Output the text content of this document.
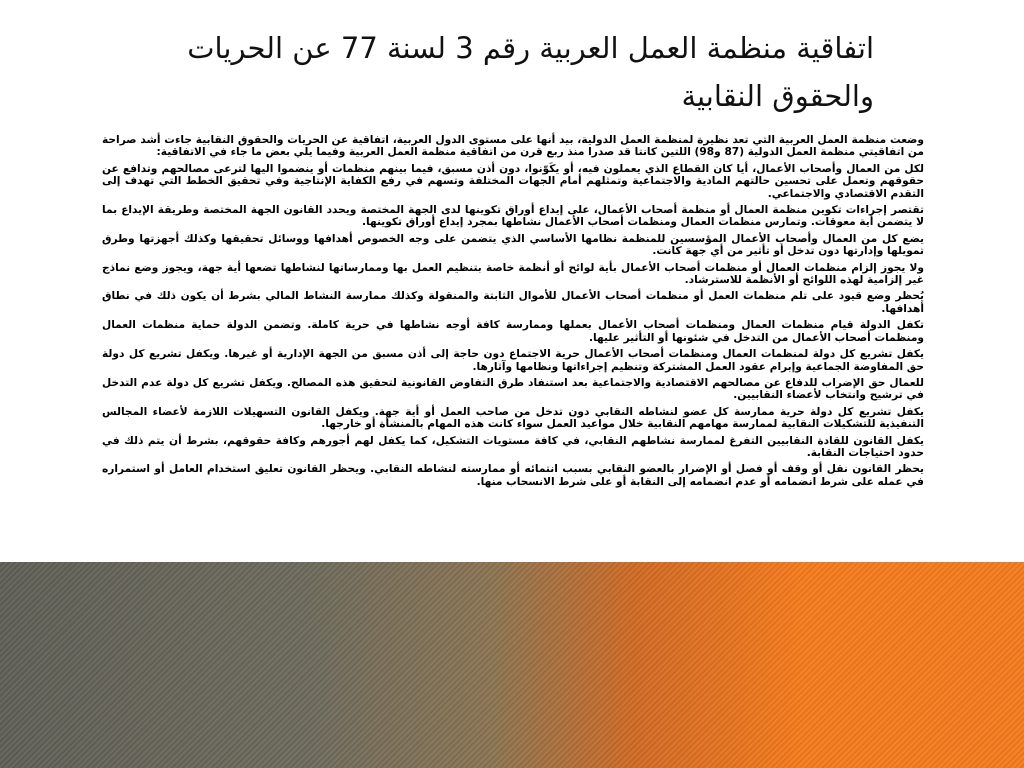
اتفاقية منظمة العمل العربية رقم 3 لسنة 77 عن الحريات والحقوق النقابية

وضعت منظمة العمل العربية التي تعد نظيرة لمنظمة العمل الدولية، بيد أنها على مستوى الدول العربية، اتفاقية عن الحريات والحقوق النقابية جاءت أشد صراحة من اتفاقيتي منظمة العمل الدولية (87 و98) اللتين كانتا قد صدرا منذ ربع قرن من اتفاقية منظمة العمل العربية وفيما يلي بعض ما جاء في الاتفاقية:

لكل من العمال وأصحاب الأعمال، أيا كان القطاع الذي يعملون فيه، أو يكَوّنوا، دون أذن مسبق، فيما بينهم منظمات أو ينضموا اليها لترعى مصالحهم وتدافع عن حقوقهم وتعمل على تحسين حالتهم المادية والاجتماعية وتمثلهم أمام الجهات المختلفة وتسهم في رفع الكفاية الإنتاجية وفي تحقيق الخطط التي تهدف إلى التقدم الاقتصادي والاجتماعي.

تقتصر إجراءات تكوين منظمة العمال أو منظمة أصحاب الأعمال، على إيداع أوراق تكوينها لدى الجهة المختصة ويحدد القانون الجهة المختصة وطريقة الإيداع بما لا يتضمن أية معوقات. وتمارس منظمات العمال ومنظمات أصحاب الأعمال نشاطها بمجرد إيداع أوراق تكوينها.

يضع كل من العمال وأصحاب الأعمال المؤسسين للمنظمة نظامها الأساسي الذي يتضمن على وجه الخصوص أهدافها ووسائل تحقيقها وكذلك أجهزتها وطرق تمويلها وإدارتها دون تدخل أو تأثير من أي جهة كانت.

ولا يجوز إلزام منظمات العمال أو منظمات أصحاب الأعمال بأية لوائح أو أنظمة خاصة بتنظيم العمل بها وممارساتها لنشاطها تضعها أية جهة، ويجوز وضع نماذج غير إلزامية لهذه اللوائح أو الأنظمة للاسترشاد.

يُحظر وضع قيود على تلم منظمات العمل أو منظمات أصحاب الأعمال للأموال الثابتة والمنقولة وكذلك ممارسة النشاط المالي بشرط أن يكون ذلك في نطاق أهدافها.

تكفل الدولة قيام منظمات العمال ومنظمات أصحاب الأعمال بعملها وممارسة كافة أوجه نشاطها في حرية كاملة. وتضمن الدولة حماية منظمات العمال ومنظمات أصحاب الأعمال من التدخل في شئونها أو التأثير عليها.

يكفل تشريع كل دولة لمنظمات العمال ومنظمات أصحاب الأعمال حرية الاجتماع دون حاجة إلى أذن مسبق من الجهة الإدارية أو غيرها. ويكفل تشريع كل دولة حق المفاوضة الجماعية وإبرام عقود العمل المشتركة وتنظيم إجراءاتها ونظامها وآثارها.

للعمال حق الإضراب للدفاع عن مصالحهم الاقتصادية والاجتماعية بعد استنفاد طرق التفاوض القانونية لتحقيق هذه المصالح. ويكفل تشريع كل دولة عدم التدخل في ترشيح وانتخاب لأعضاء النقابيين.

يكفل تشريع كل دولة حرية ممارسة كل عضو لنشاطه النقابي دون تدخل من صاحب العمل أو أية جهة. ويكفل القانون التسهيلات اللازمة لأعضاء المجالس التنفيذية للتشكيلات النقابية لممارسة مهامهم النقابية خلال مواعيد العمل سواء كانت هذه المهام بالمنشأة أو خارجها.

يكفل القانون للقادة النقابيين التفرغ لممارسة نشاطهم النقابي، في كافة مستويات التشكيل، كما يكفل لهم أجورهم وكافة حقوقهم، بشرط أن يتم ذلك في حدود احتياجات النقابة.

يحظر القانون نقل أو وقف أو فصل أو الإضرار بالعضو النقابي بسبب انتمائه أو ممارسته لنشاطه النقابي. ويحظر القانون تعليق استخدام العامل أو استمراره في عمله على شرط انضمامه أو عدم انضمامه إلى النقابة أو على شرط الانسحاب منها.
